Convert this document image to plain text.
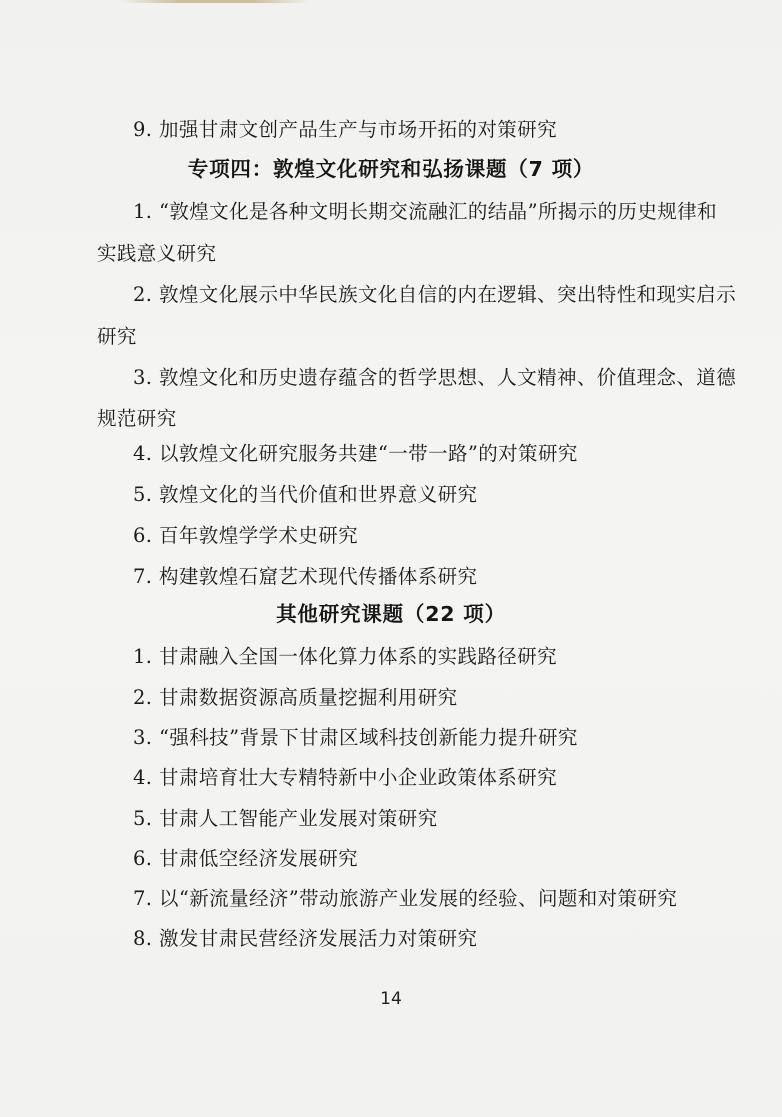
9. 加强甘肃文创产品生产与市场开拓的对策研究
专项四：敦煌文化研究和弘扬课题（7 项）
1. “敦煌文化是各种文明长期交流融汇的结晶”所揭示的历史规律和
实践意义研究
2. 敦煌文化展示中华民族文化自信的内在逻辑、突出特性和现实启示
研究
3. 敦煌文化和历史遗存蕴含的哲学思想、人文精神、价值理念、道德
规范研究
4. 以敦煌文化研究服务共建“一带一路”的对策研究
5. 敦煌文化的当代价值和世界意义研究
6. 百年敦煌学学术史研究
7. 构建敦煌石窟艺术现代传播体系研究
其他研究课题（22 项）
1. 甘肃融入全国一体化算力体系的实践路径研究
2. 甘肃数据资源高质量挖掘利用研究
3. “强科技”背景下甘肃区域科技创新能力提升研究
4. 甘肃培育壮大专精特新中小企业政策体系研究
5. 甘肃人工智能产业发展对策研究
6. 甘肃低空经济发展研究
7. 以“新流量经济”带动旅游产业发展的经验、问题和对策研究
8. 激发甘肃民营经济发展活力对策研究
14
